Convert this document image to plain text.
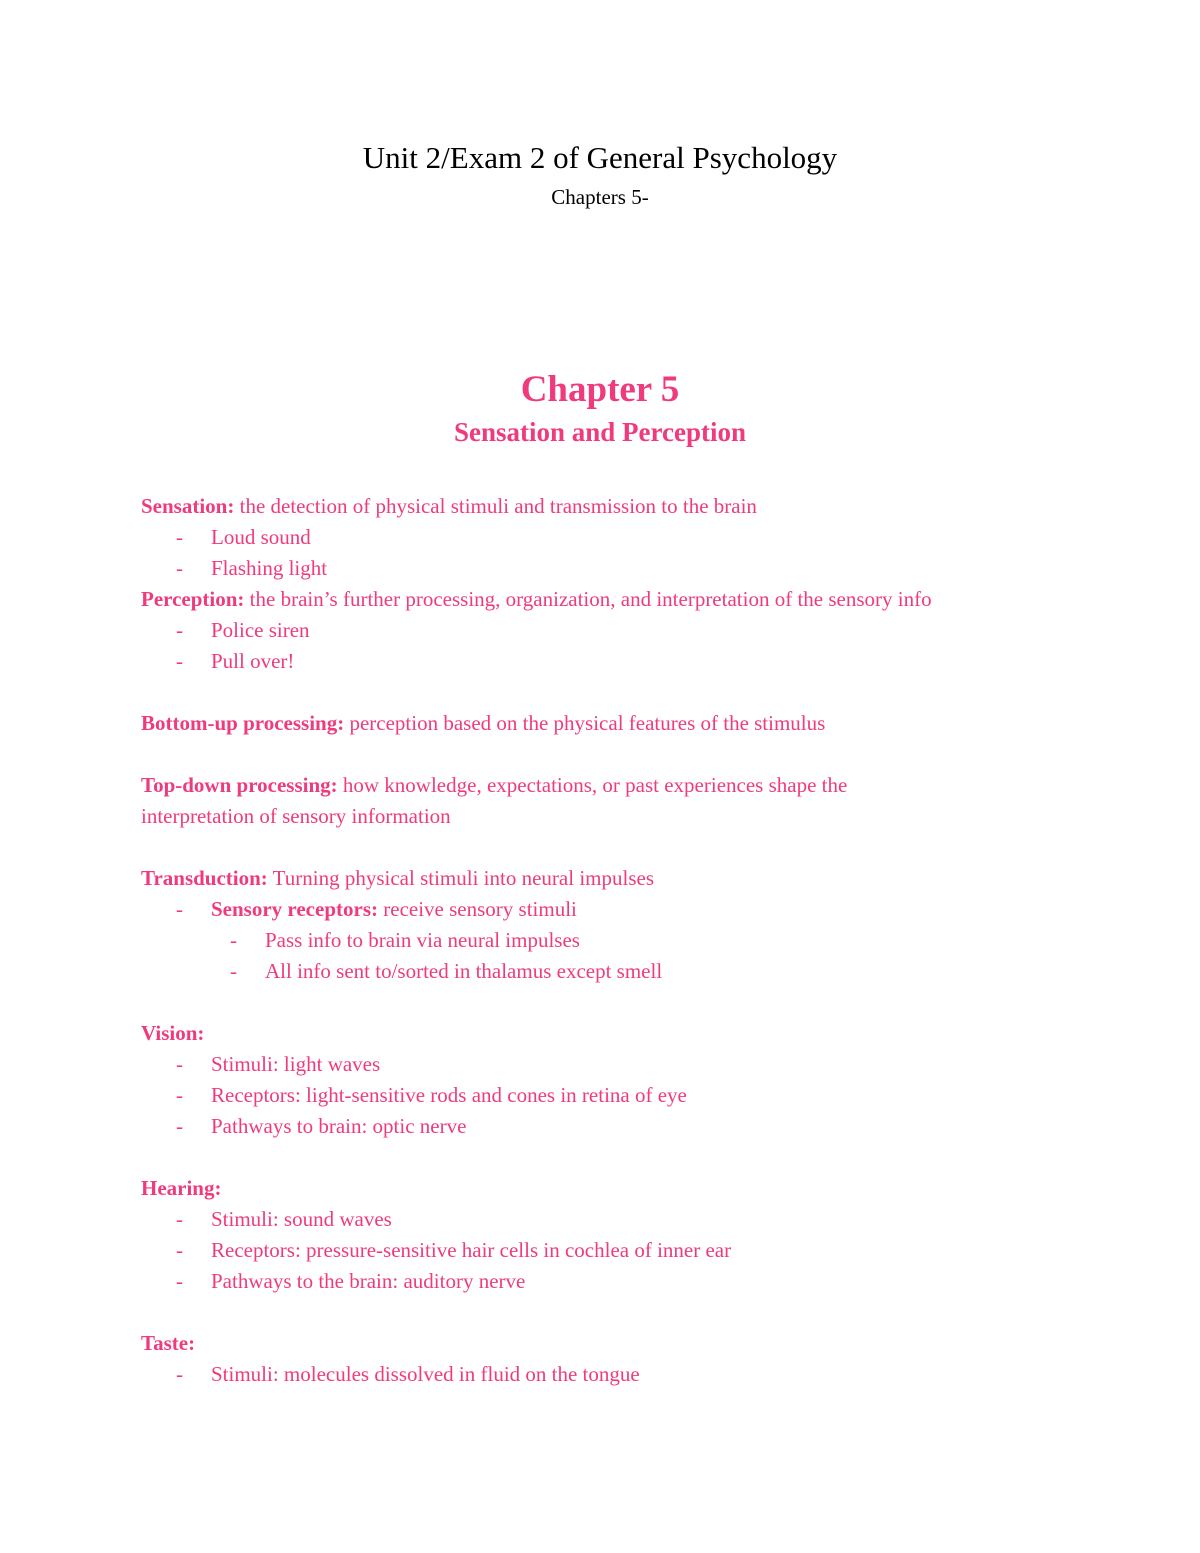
Unit 2/Exam 2 of General Psychology
Chapters 5-
Chapter 5
Sensation and Perception
Sensation: the detection of physical stimuli and transmission to the brain
-	Loud sound
-	Flashing light
Perception: the brain’s further processing, organization, and interpretation of the sensory info
-	Police siren
-	Pull over!
Bottom-up processing: perception based on the physical features of the stimulus
Top-down processing: how knowledge, expectations, or past experiences shape the
interpretation of sensory information
Transduction: Turning physical stimuli into neural impulses
-	Sensory receptors: receive sensory stimuli
-	Pass info to brain via neural impulses
-	All info sent to/sorted in thalamus except smell
Vision:
-	Stimuli: light waves
-	Receptors: light-sensitive rods and cones in retina of eye
-	Pathways to brain: optic nerve
Hearing:
-	Stimuli: sound waves
-	Receptors: pressure-sensitive hair cells in cochlea of inner ear
-	Pathways to the brain: auditory nerve
Taste:
-	Stimuli: molecules dissolved in fluid on the tongue
